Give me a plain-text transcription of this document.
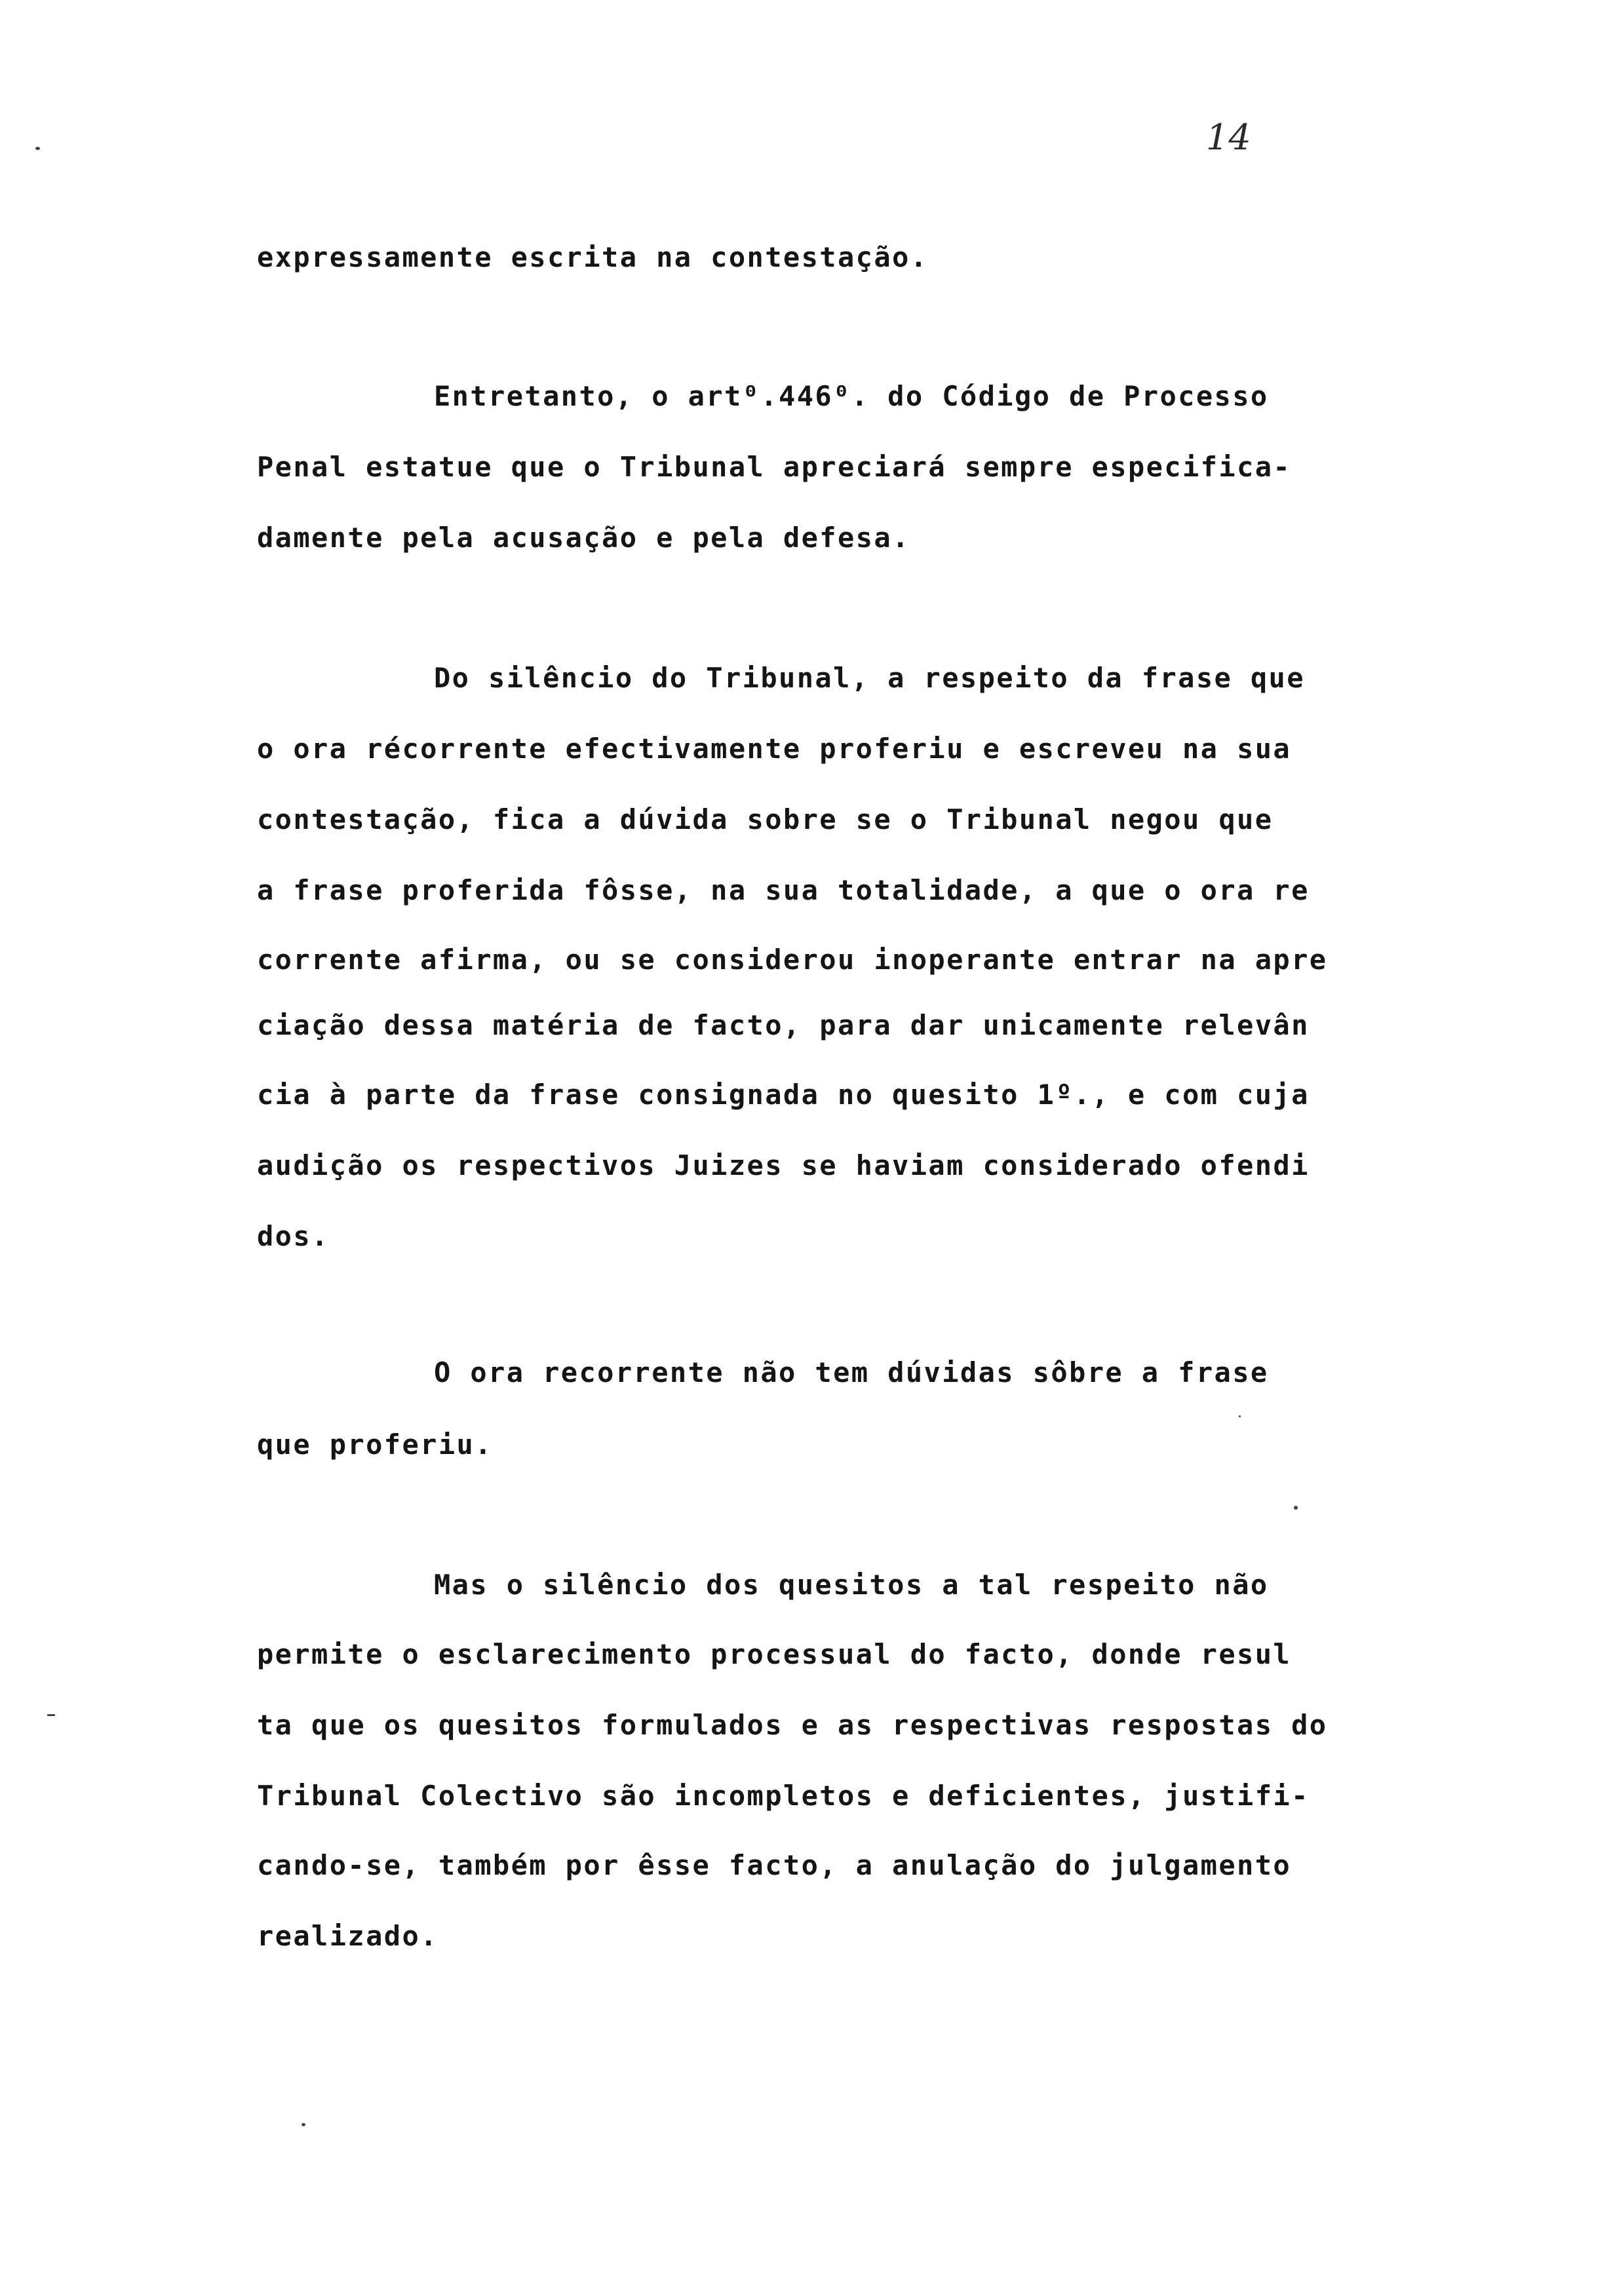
14
expressamente escrita na contestação.
Entretanto, o art⁰.446⁰. do Código de Processo
Penal estatue que o Tribunal apreciará sempre especifica-
damente pela acusação e pela defesa.
Do silêncio do Tribunal, a respeito da frase que
o ora récorrente efectivamente proferiu e escreveu na sua
contestação, fica a dúvida sobre se o Tribunal negou que
a frase proferida fôsse, na sua totalidade, a que o ora re
corrente afirma, ou se considerou inoperante entrar na apre
ciação dessa matéria de facto, para dar unicamente relevân
cia à parte da frase consignada no quesito 1º., e com cuja
audição os respectivos Juizes se haviam considerado ofendi
dos.
O ora recorrente não tem dúvidas sôbre a frase
que proferiu.
Mas o silêncio dos quesitos a tal respeito não
permite o esclarecimento processual do facto, donde resul
ta que os quesitos formulados e as respectivas respostas do
Tribunal Colectivo são incompletos e deficientes, justifi-
cando-se, também por êsse facto, a anulação do julgamento
realizado.
